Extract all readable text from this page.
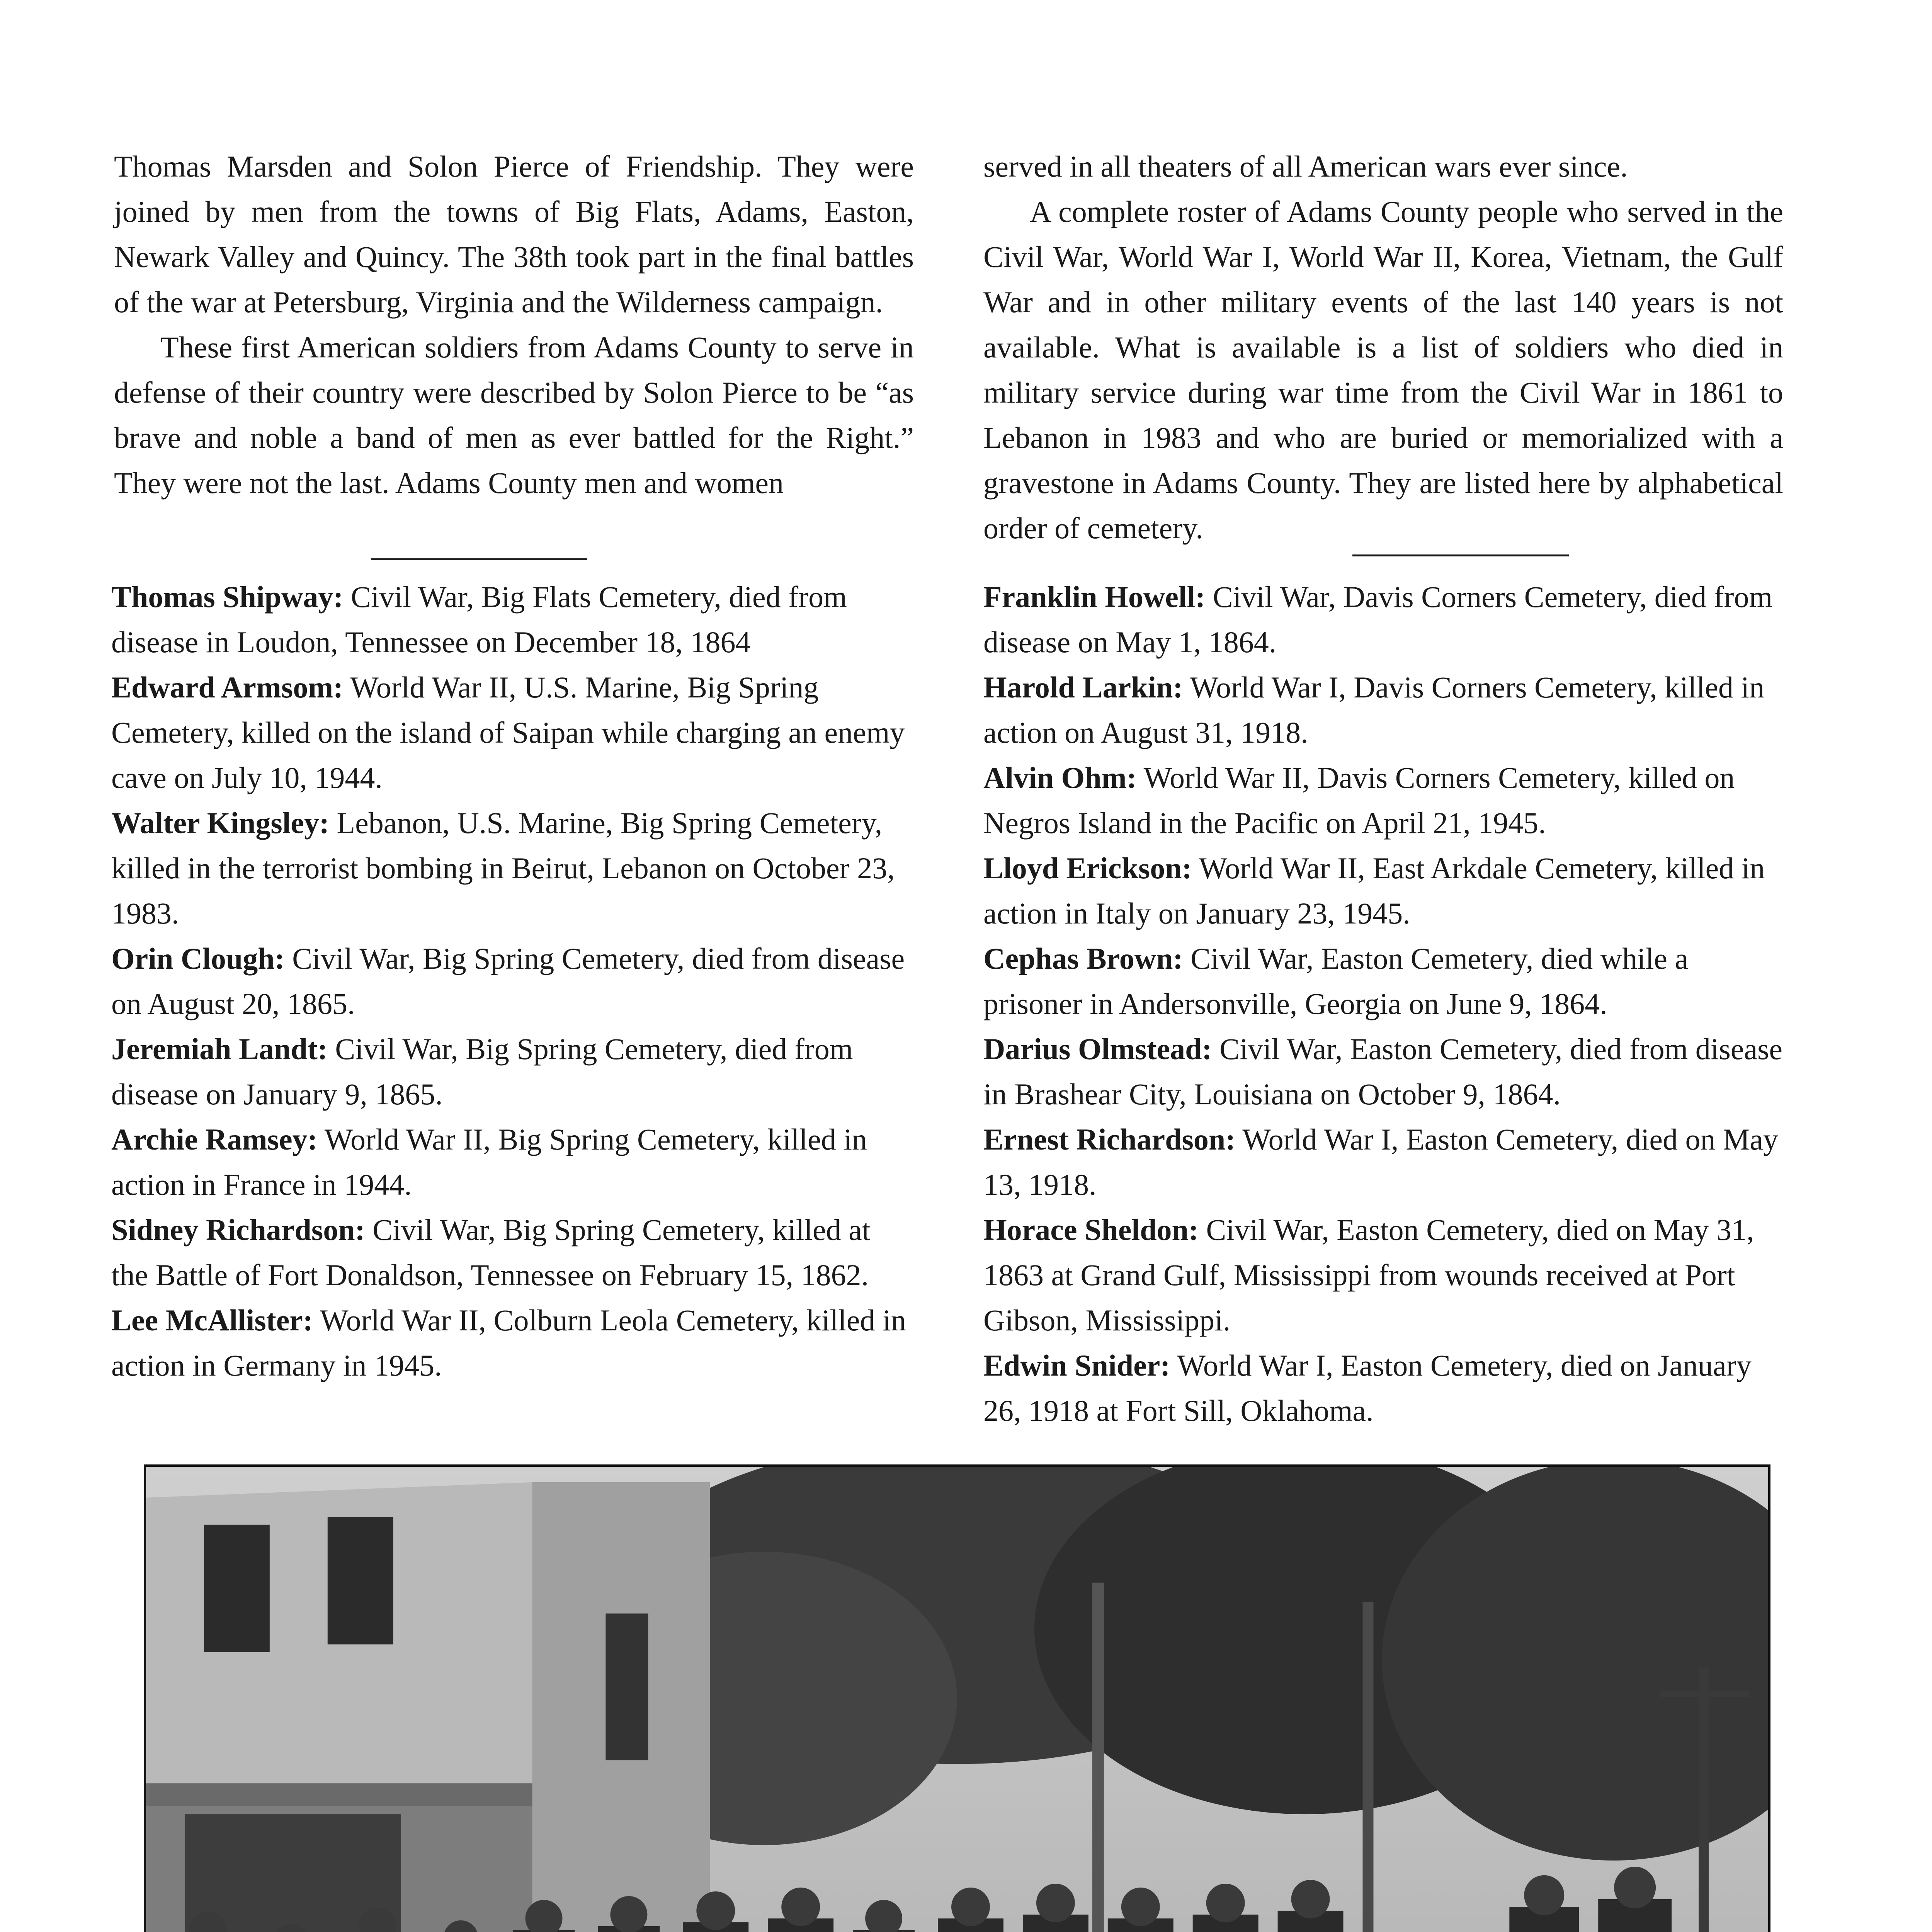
Thomas Marsden and Solon Pierce of Friendship. They were joined by men from the towns of Big Flats, Adams, Easton, Newark Valley and Quincy. The 38th took part in the final battles of the war at Petersburg, Virginia and the Wilderness campaign.

These first American soldiers from Adams County to serve in defense of their country were described by Solon Pierce to be “as brave and noble a band of men as ever battled for the Right.” They were not the last. Adams County men and women

served in all theaters of all American wars ever since.

A complete roster of Adams County people who served in the Civil War, World War I, World War II, Korea, Vietnam, the Gulf War and in other military events of the last 140 years is not available. What is available is a list of soldiers who died in military service during war time from the Civil War in 1861 to Lebanon in 1983 and who are buried or memorialized with a gravestone in Adams County. They are listed here by alphabetical order of cemetery.

Thomas Shipway: Civil War, Big Flats Cemetery, died from disease in Loudon, Tennessee on December 18, 1864

Edward Armsom: World War II, U.S. Marine, Big Spring Cemetery, killed on the island of Saipan while charging an enemy cave on July 10, 1944.

Walter Kingsley: Lebanon, U.S. Marine, Big Spring Cemetery, killed in the terrorist bombing in Beirut, Lebanon on October 23, 1983.

Orin Clough: Civil War, Big Spring Cemetery, died from disease on August 20, 1865.

Jeremiah Landt: Civil War, Big Spring Cemetery, died from disease on January 9, 1865.

Archie Ramsey: World War II, Big Spring Cemetery, killed in action in France in 1944.

Sidney Richardson: Civil War, Big Spring Cemetery, killed at the Battle of Fort Donaldson, Tennessee on February 15, 1862.

Lee McAllister: World War II, Colburn Leola Cemetery, killed in action in Germany in 1945.

Franklin Howell: Civil War, Davis Corners Cemetery, died from disease on May 1, 1864.

Harold Larkin: World War I, Davis Corners Cemetery, killed in action on August 31, 1918.

Alvin Ohm: World War II, Davis Corners Cemetery, killed on Negros Island in the Pacific on April 21, 1945.

Lloyd Erickson: World War II, East Arkdale Cemetery, killed in action in Italy on January 23, 1945.

Cephas Brown: Civil War, Easton Cemetery, died while a prisoner in Andersonville, Georgia on June 9, 1864.

Darius Olmstead: Civil War, Easton Cemetery, died from disease in Brashear City, Louisiana on October 9, 1864.

Ernest Richardson: World War I, Easton Cemetery, died on May 13, 1918.

Horace Sheldon: Civil War, Easton Cemetery, died on May 31, 1863 at Grand Gulf, Mississippi from wounds received at Port Gibson, Mississippi.

Edwin Snider: World War I, Easton Cemetery, died on January 26, 1918 at Fort Sill, Oklahoma.
